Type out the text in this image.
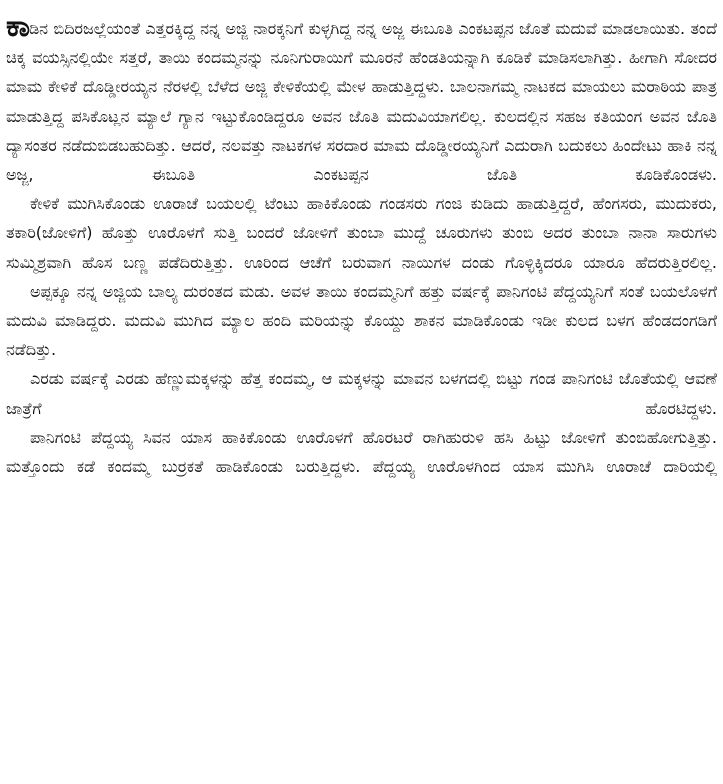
ಕಾಡಿನ ಬಿದಿರಜಲ್ಲೆಯಂತೆ ಎತ್ತರಕ್ಕಿದ್ದ ನನ್ನ ಅಜ್ಜಿ ನಾರಕ್ಕನಿಗೆ ಕುಳ್ಳಗಿದ್ದ ನನ್ನ ಅಜ್ಜ ಈಬೂತಿ ಎಂಕಟಪ್ಪನ ಜೊತೆ ಮದುವೆ ಮಾಡಲಾಯಿತು. ತಂದೆ ಚಿಕ್ಕ ವಯಸ್ಸಿನಲ್ಲಿಯೇ ಸತ್ತರೆ, ತಾಯಿ ಕಂದಮ್ಮನನ್ನು ನೂನಿಗುರಾಯಿಗೆ ಮೂರನೆ ಹೆಂಡತಿಯನ್ನಾಗಿ ಕೂಡಿಕೆ ಮಾಡಿಸಲಾಗಿತ್ತು. ಹೀಗಾಗಿ ಸೋದರ ಮಾಮ ಕೇಳಿಕೆ ದೊಡ್ಡೀರಯ್ಯನ ನೆರಳಲ್ಲಿ ಬೆಳೆದ ಅಜ್ಜಿ ಕೇಳಿಕೆಯಲ್ಲಿ ಮೇಳ ಹಾಡುತ್ತಿದ್ದಳು. ಬಾಲನಾಗಮ್ಮ ನಾಟಕದ ಮಾಯಲು ಮರಾಠಿಯ ಪಾತ್ರ ಮಾಡುತ್ತಿದ್ದ ಪಸಿಕೊಟ್ಲನ ಮ್ಯಾಲೆ ಗ್ಯಾನ ಇಟ್ಟುಕೊಂಡಿದ್ದರೂ ಅವನ ಜೊತಿ ಮದುವಿಯಾಗಲಿಲ್ಲ. ಕುಲದಲ್ಲಿನ ಸಹಜ ಕತಿಯಂಗ ಅವನ ಜೊತಿ ದ್ಯಾಸಂತರ ನಡೆದುಬಿಡಬಹುದಿತ್ತು. ಆದರೆ, ನಲವತ್ತು ನಾಟಕಗಳ ಸರದಾರ ಮಾಮ ದೊಡ್ಡೀರಯ್ಯನಿಗೆ ಎದುರಾಗಿ ಬದುಕಲು ಹಿಂದೇಟು ಹಾಕಿ ನನ್ನ ಅಜ್ಜ, ಈಬೂತಿ ಎಂಕಟಪ್ಪನ ಜೊತಿ ಕೂಡಿಕೊಂಡಳು.

ಕೇಳಿಕೆ ಮುಗಿಸಿಕೊಂಡು ಊರಾಚೆ ಬಯಲಲ್ಲಿ ಟೆಂಟು ಹಾಕಿಕೊಂಡು ಗಂಡಸರು ಗಂಜಿ ಕುಡಿದು ಹಾಡುತ್ತಿದ್ದರೆ, ಹೆಂಗಸರು, ಮುದುಕರು, ತಕಾರಿ(ಜೋಳಿಗೆ) ಹೊತ್ತು ಊರೊಳಗೆ ಸುತ್ತಿ ಬಂದರೆ ಜೋಳಿಗೆ ತುಂಬಾ ಮುದ್ದೆ ಚೂರುಗಳು ತುಂಬಿ ಅದರ ತುಂಬಾ ನಾನಾ ಸಾರುಗಳು ಸುಮ್ಮಿಶ್ರವಾಗಿ ಹೊಸ ಬಣ್ಣ ಪಡೆದಿರುತ್ತಿತ್ತು. ಊರಿಂದ ಆಚೆಗೆ ಬರುವಾಗ ನಾಯಿಗಳ ದಂಡು ಗೊಳ್ಳಿಕ್ಕಿದರೂ ಯಾರೂ ಹೆದರುತ್ತಿರಲಿಲ್ಲ.

ಅಪ್ಪಕ್ಕೂ ನನ್ನ ಅಜ್ಜಿಯ ಬಾಲ್ಯ ದುರಂತದ ಮಡು. ಅವಳ ತಾಯಿ ಕಂದಮ್ಮನಿಗೆ ಹತ್ತು ವರ್ಷಕ್ಕೆ ಪಾನಿಗಂಟಿ ಪೆದ್ದಯ್ಯನಿಗೆ ಸಂತೆ ಬಯಲೊಳಗೆ ಮದುವಿ ಮಾಡಿದ್ದರು. ಮದುವಿ ಮುಗಿದ ಮ್ಯಾಲ ಹಂದಿ ಮರಿಯನ್ನು ಕೊಯ್ದು ಶಾಕನ ಮಾಡಿಕೊಂಡು ಇಡೀ ಕುಲದ ಬಳಗ ಹೆಂಡದಂಗಡಿಗೆ ನಡೆದಿತ್ತು.

ಎರಡು ವರ್ಷಕ್ಕೆ ಎರಡು ಹೆಣ್ಣುಮಕ್ಕಳನ್ನು ಹೆತ್ತ ಕಂದಮ್ಮ, ಆ ಮಕ್ಕಳನ್ನು ಮಾವನ ಬಳಗದಲ್ಲಿ ಬಿಟ್ಟು ಗಂಡ ಪಾನಿಗಂಟಿ ಜೊತೆಯಲ್ಲಿ ಆವಣೆ ಜಾತ್ರೆಗೆ ಹೊರಟಿದ್ದಳು.

ಪಾನಿಗಂಟಿ ಪೆದ್ದಯ್ಯ ಸಿವನ ಯಾಸ ಹಾಕಿಕೊಂಡು ಊರೊಳಗೆ ಹೊರಟರೆ ರಾಗಿಹುರುಳಿ ಹಸಿ ಹಿಟ್ಟು ಜೋಳಿಗೆ ತುಂಬಿಹೋಗುತ್ತಿತ್ತು. ಮತ್ತೊಂದು ಕಡೆ ಕಂದಮ್ಮ ಬುರ್ರಕತೆ ಹಾಡಿಕೊಂಡು ಬರುತ್ತಿದ್ದಳು. ಪೆದ್ದಯ್ಯ ಊರೊಳಗಿಂದ ಯಾಸ ಮುಗಿಸಿ ಊರಾಚೆ ದಾರಿಯಲ್ಲಿ
